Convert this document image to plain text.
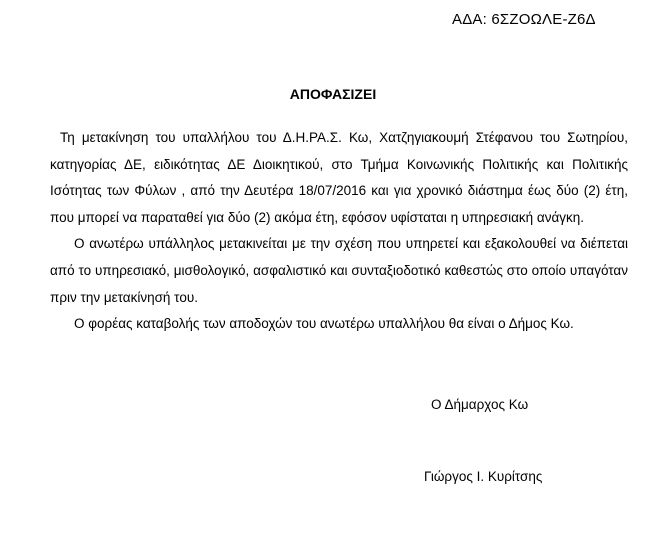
ΑΔΑ: 6ΣΖΟΩΛΕ-Ζ6Δ
ΑΠΟΦΑΣΙΖΕΙ

Τη μετακίνηση του υπαλλήλου του Δ.Η.ΡΑ.Σ. Κω, Χατζηγιακουμή Στέφανου του Σωτηρίου, κατηγορίας ΔΕ, ειδικότητας ΔΕ Διοικητικού, στο Τμήμα Κοινωνικής Πολιτικής και Πολιτικής Ισότητας των Φύλων , από την Δευτέρα 18/07/2016 και για χρονικό διάστημα έως δύο (2) έτη, που μπορεί να παραταθεί για δύο (2) ακόμα έτη, εφόσον υφίσταται η υπηρεσιακή ανάγκη.

Ο ανωτέρω υπάλληλος μετακινείται με την σχέση που υπηρετεί και εξακολουθεί να διέπεται από το υπηρεσιακό, μισθολογικό, ασφαλιστικό και συνταξιοδοτικό καθεστώς στο οποίο υπαγόταν πριν την μετακίνησή του.

Ο φορέας καταβολής των αποδοχών του ανωτέρω υπαλλήλου θα είναι ο Δήμος Κω.

Ο Δήμαρχος Κω
Γιώργος Ι. Κυρίτσης
